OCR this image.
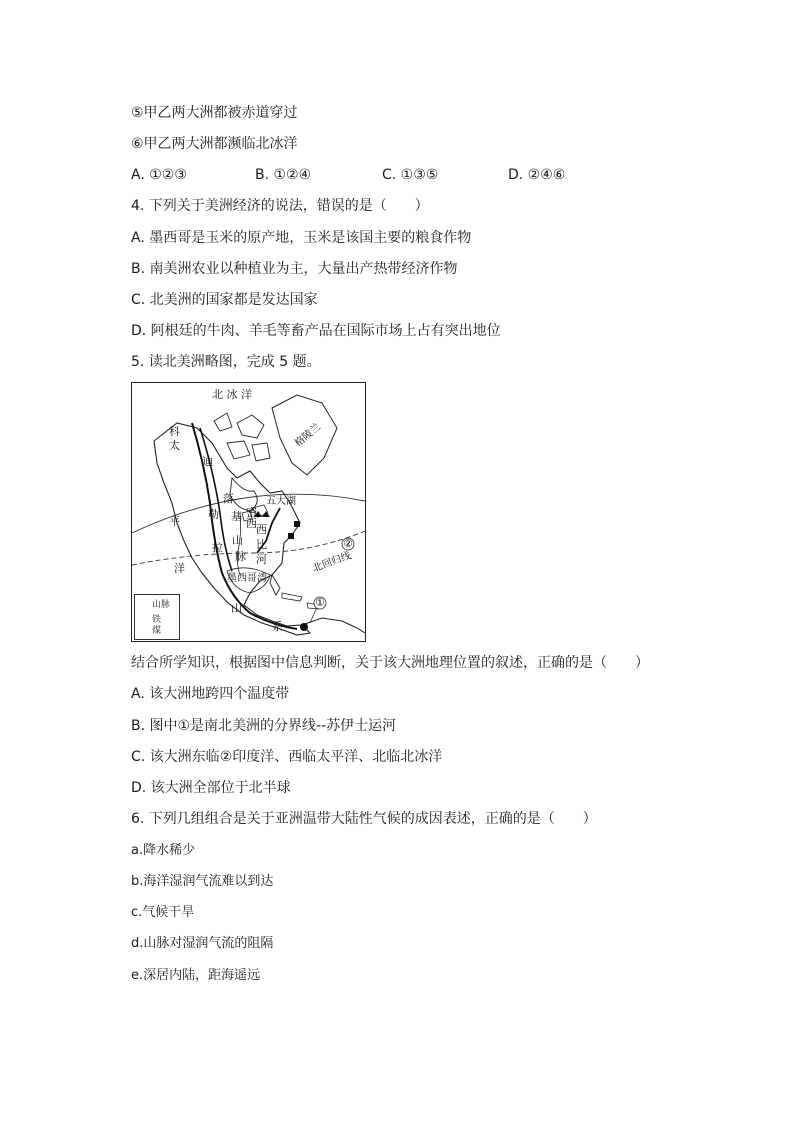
⑤甲乙两大洲都被赤道穿过
⑥甲乙两大洲都濒临北冰洋
A. ①②③	B. ①②④	C. ①③⑤	D. ②④⑥
4. 下列关于美洲经济的说法，错误的是（　　）
A. 墨西哥是玉米的原产地，玉米是该国主要的粮食作物
B. 南美洲农业以种植业为主，大量出产热带经济作物
C. 北美洲的国家都是发达国家
D. 阿根廷的牛肉、羊毛等畜产品在国际市场上占有突出地位
5. 读北美洲略图，完成 5 题。
北 冰 洋
格陵兰
科
迪
太
平
洋
勒
拉
落
基
山
脉
山
系
五大湖
密
西 西
比
河	北回归线
墨西哥湾
①
②
山脉
铁
煤
结合所学知识，根据图中信息判断，关于该大洲地理位置的叙述，正确的是（　　）
A. 该大洲地跨四个温度带
B. 图中①是南北美洲的分界线--苏伊士运河
C. 该大洲东临②印度洋、西临太平洋、北临北冰洋
D. 该大洲全部位于北半球
6. 下列几组组合是关于亚洲温带大陆性气候的成因表述，正确的是（　　）
a.降水稀少
b.海洋湿润气流难以到达
c.气候干旱
d.山脉对湿润气流的阻隔
e.深居内陆，距海遥远
